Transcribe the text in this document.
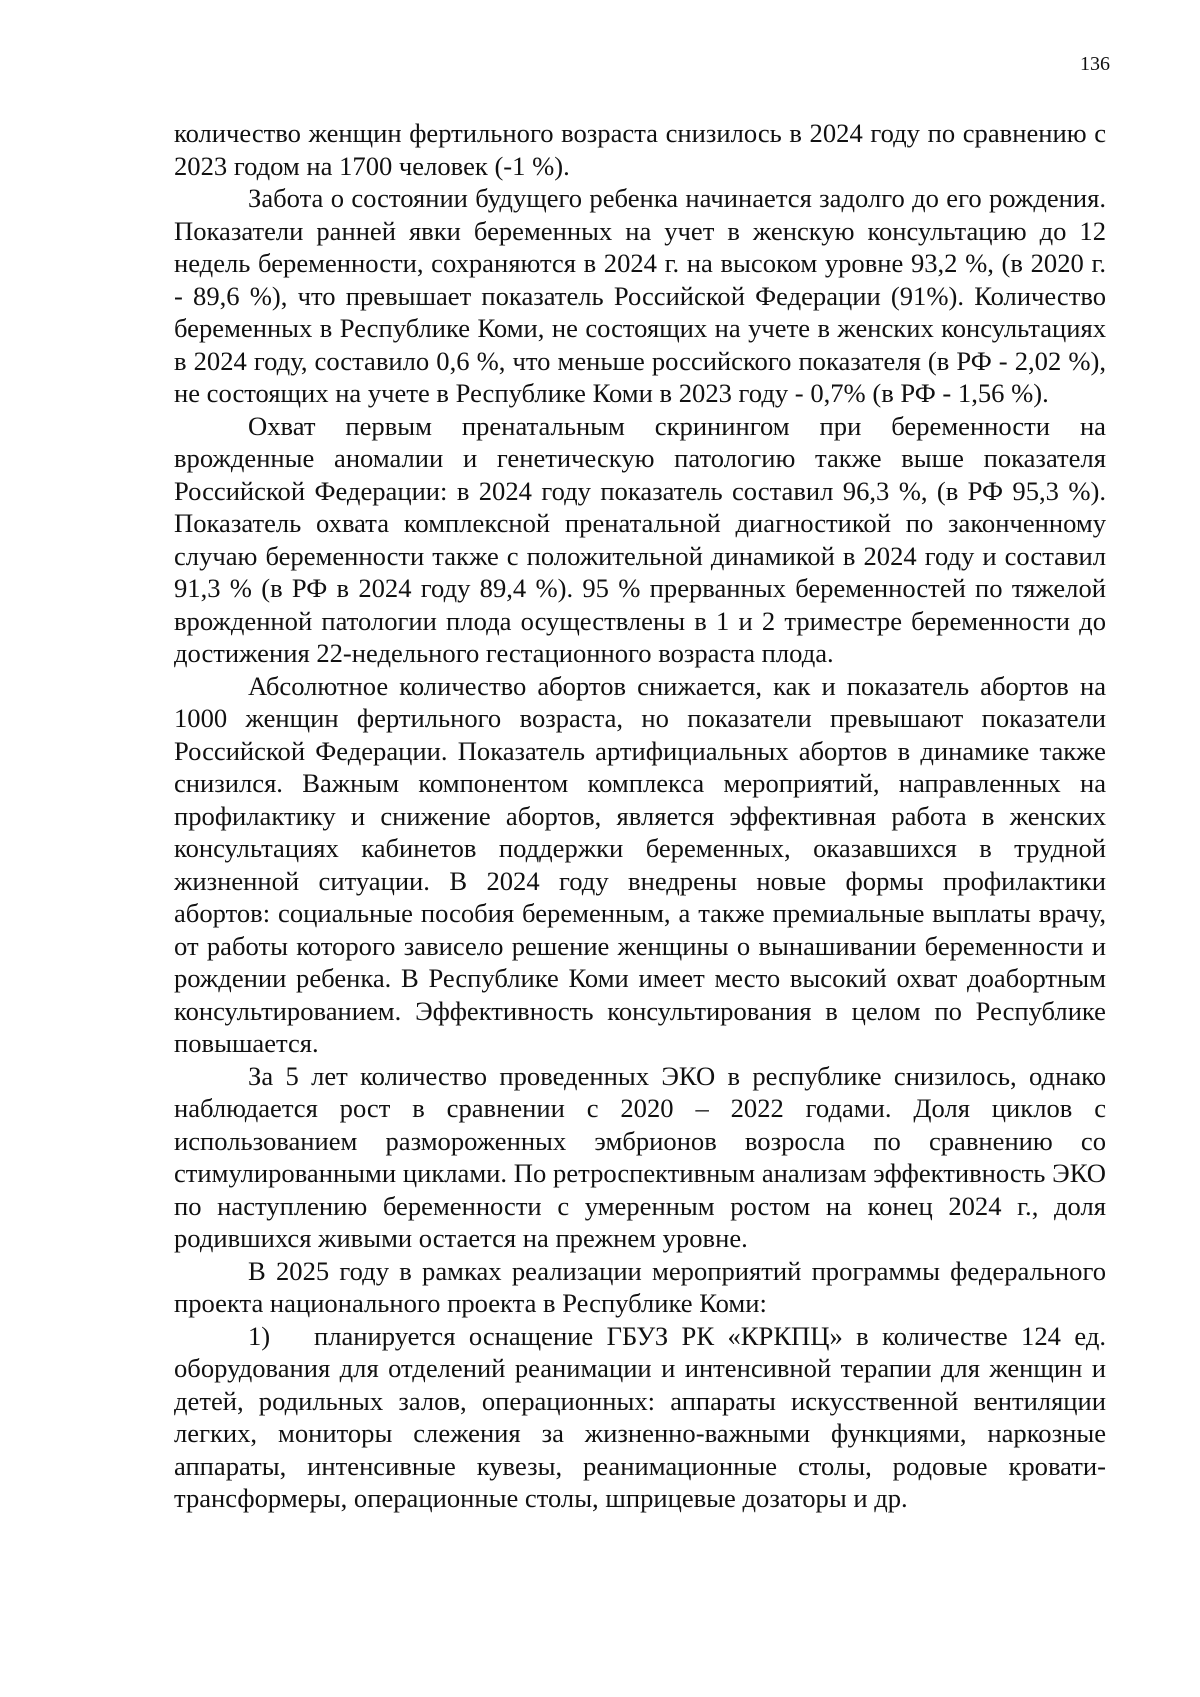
136

количество женщин фертильного возраста снизилось в 2024 году по сравнению с 2023 годом на 1700 человек (-1 %).

Забота о состоянии будущего ребенка начинается задолго до его рождения. Показатели ранней явки беременных на учет в женскую консультацию до 12 недель беременности, сохраняются в 2024 г. на высоком уровне 93,2 %, (в 2020 г. - 89,6 %), что превышает показатель Российской Федерации (91%). Количество беременных в Республике Коми, не состоящих на учете в женских консультациях в 2024 году, составило 0,6 %, что меньше российского показателя (в РФ - 2,02 %), не состоящих на учете в Республике Коми в 2023 году - 0,7% (в РФ - 1,56 %).

Охват первым пренатальным скринингом при беременности на врожденные аномалии и генетическую патологию также выше показателя Российской Федерации: в 2024 году показатель составил 96,3 %, (в РФ 95,3 %). Показатель охвата комплексной пренатальной диагностикой по законченному случаю беременности также с положительной динамикой в 2024 году и составил 91,3 % (в РФ в 2024 году 89,4 %). 95 % прерванных беременностей по тяжелой врожденной патологии плода осуществлены в 1 и 2 триместре беременности до достижения 22-недельного гестационного возраста плода.

Абсолютное количество абортов снижается, как и показатель абортов на 1000 женщин фертильного возраста, но показатели превышают показатели Российской Федерации. Показатель артифициальных абортов в динамике также снизился. Важным компонентом комплекса мероприятий, направленных на профилактику и снижение абортов, является эффективная работа в женских консультациях кабинетов поддержки беременных, оказавшихся в трудной жизненной ситуации. В 2024 году внедрены новые формы профилактики абортов: социальные пособия беременным, а также премиальные выплаты врачу, от работы которого зависело решение женщины о вынашивании беременности и рождении ребенка. В Республике Коми имеет место высокий охват доабортным консультированием. Эффективность консультирования в целом по Республике повышается.

За 5 лет количество проведенных ЭКО в республике снизилось, однако наблюдается рост в сравнении с 2020 – 2022 годами. Доля циклов с использованием размороженных эмбрионов возросла по сравнению со стимулированными циклами. По ретроспективным анализам эффективность ЭКО по наступлению беременности с умеренным ростом на конец 2024 г., доля родившихся живыми остается на прежнем уровне.

В 2025 году в рамках реализации мероприятий программы федерального проекта национального проекта в Республике Коми:

1) планируется оснащение ГБУЗ РК «КРКПЦ» в количестве 124 ед. оборудования для отделений реанимации и интенсивной терапии для женщин и детей, родильных залов, операционных: аппараты искусственной вентиляции легких, мониторы слежения за жизненно-важными функциями, наркозные аппараты, интенсивные кувезы, реанимационные столы, родовые кровати-трансформеры, операционные столы, шприцевые дозаторы и др.
